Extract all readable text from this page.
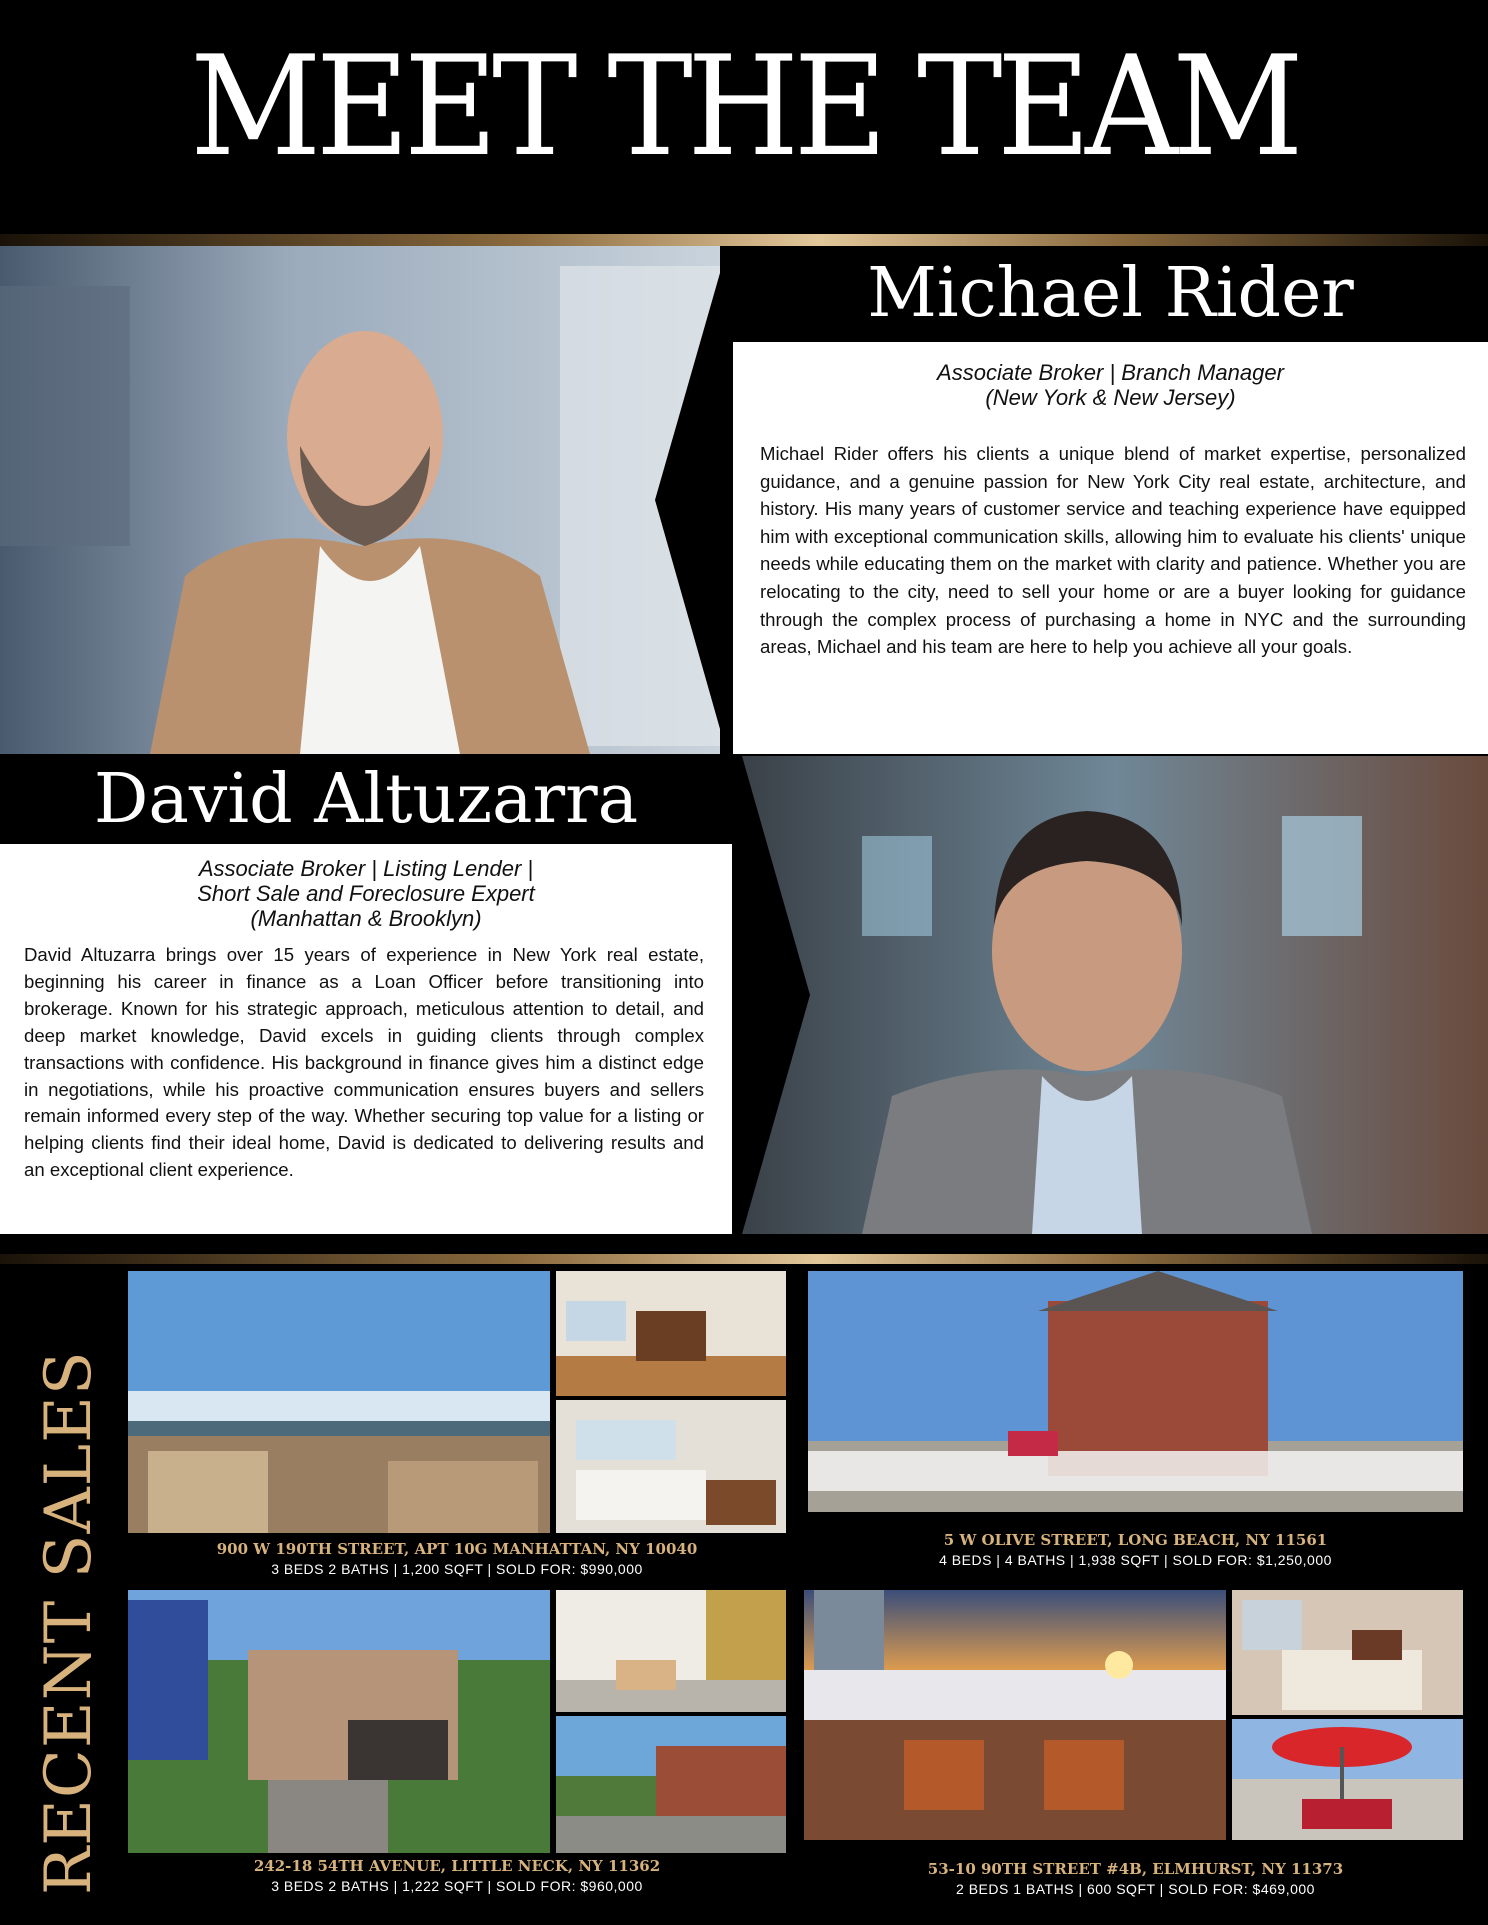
MEET THE TEAM
Michael Rider
Associate Broker | Branch Manager
(New York & New Jersey)
Michael Rider offers his clients a unique blend of market expertise, personalized guidance, and a genuine passion for New York City real estate, architecture, and history. His many years of customer service and teaching experience have equipped him with exceptional communication skills, allowing him to evaluate his clients' unique needs while educating them on the market with clarity and patience. Whether you are relocating to the city, need to sell your home or are a buyer looking for guidance through the complex process of purchasing a home in NYC and the surrounding areas, Michael and his team are here to help you achieve all your goals.
David Altuzarra
Associate Broker | Listing Lender |
Short Sale and Foreclosure Expert
(Manhattan & Brooklyn)
David Altuzarra brings over 15 years of experience in New York real estate, beginning his career in finance as a Loan Officer before transitioning into brokerage. Known for his strategic approach, meticulous attention to detail, and deep market knowledge, David excels in guiding clients through complex transactions with confidence. His background in finance gives him a distinct edge in negotiations, while his proactive communication ensures buyers and sellers remain informed every step of the way. Whether securing top value for a listing or helping clients find their ideal home, David is dedicated to delivering results and an exceptional client experience.
RECENT SALES	900 W 190TH STREET, APT 10G MANHATTAN, NY 10040
3 BEDS 2 BATHS | 1,200 SQFT | SOLD FOR: $990,000
5 W OLIVE STREET, LONG BEACH, NY 11561
4 BEDS | 4 BATHS | 1,938 SQFT | SOLD FOR: $1,250,000
242-18 54TH AVENUE, LITTLE NECK, NY 11362
3 BEDS 2 BATHS | 1,222 SQFT | SOLD FOR: $960,000
53-10 90TH STREET #4B, ELMHURST, NY 11373
2 BEDS 1 BATHS | 600 SQFT | SOLD FOR: $469,000
